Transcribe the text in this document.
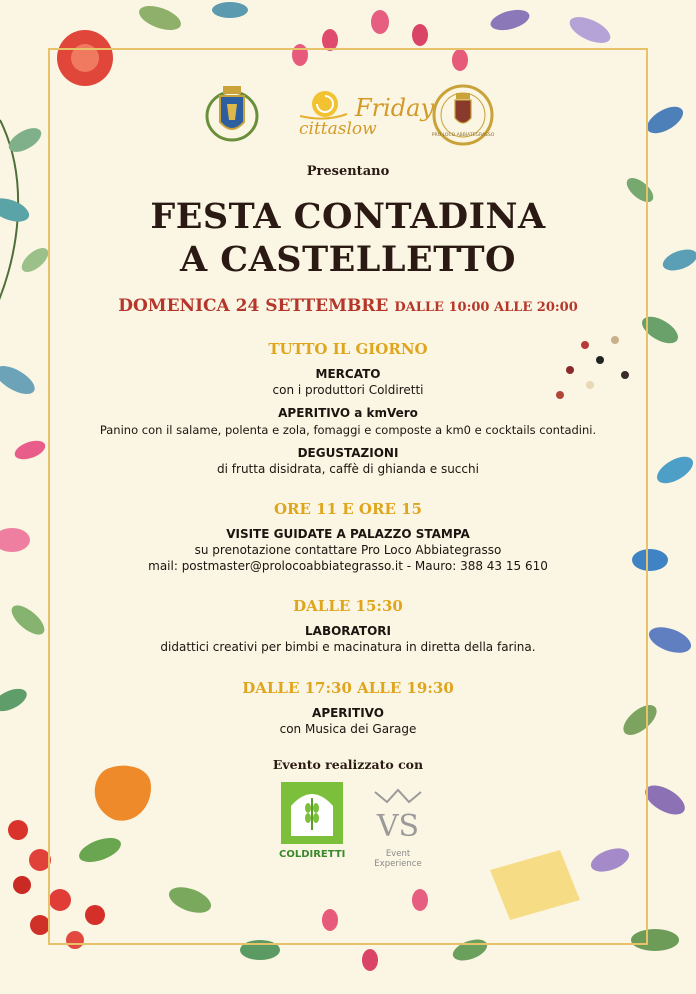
cittaslow
Friday
PRO LOCO ABBIATEGRASSO
Presentano
FESTA CONTADINA
A CASTELLETTO
DOMENICA 24 SETTEMBRE DALLE 10:00 ALLE 20:00
TUTTO IL GIORNO
MERCATO
con i produttori Coldiretti
APERITIVO a kmVero
Panino con il salame, polenta e zola, fomaggi e composte a km0 e cocktails contadini.
DEGUSTAZIONI
di frutta disidrata, caffè di ghianda e succhi
ORE 11 E ORE 15
VISITE GUIDATE A PALAZZO STAMPA
su prenotazione contattare Pro Loco Abbiategrasso
mail: postmaster@prolocoabbiategrasso.it - Mauro: 388 43 15 610
DALLE 15:30
LABORATORI
didattici creativi per bimbi e macinatura in diretta della farina.
DALLE 17:30 ALLE 19:30
APERITIVO
con Musica dei Garage
Evento realizzato con
COLDIRETTI
VS
Event Experience
